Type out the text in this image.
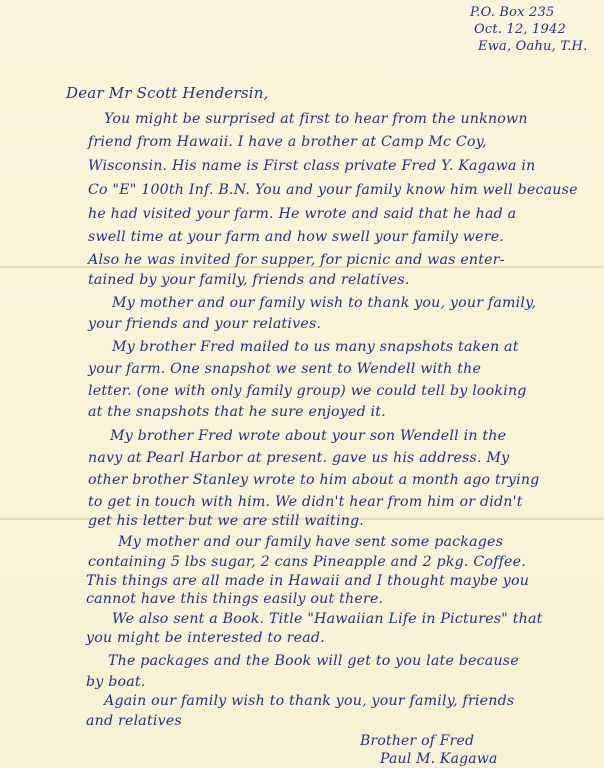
P.O. Box 235
Oct. 12, 1942
Ewa, Oahu, T.H.
Dear Mr Scott Hendersin,
You might be surprised at first to hear from the unknown
friend from Hawaii. I have a brother at Camp Mc Coy,
Wisconsin. His name is First class private Fred Y. Kagawa in
Co "E" 100th Inf. B.N. You and your family know him well because
he had visited your farm. He wrote and said that he had a
swell time at your farm and how swell your family were.
Also he was invited for supper, for picnic and was enter-
tained by your family, friends and relatives.
My mother and our family wish to thank you, your family,
your friends and your relatives.
My brother Fred mailed to us many snapshots taken at
your farm. One snapshot we sent to Wendell with the
letter. (one with only family group) we could tell by looking
at the snapshots that he sure enjoyed it.
My brother Fred wrote about your son Wendell in the
navy at Pearl Harbor at present. gave us his address. My
other brother Stanley wrote to him about a month ago trying
to get in touch with him. We didn't hear from him or didn't
get his letter but we are still waiting.
My mother and our family have sent some packages
containing 5 lbs sugar, 2 cans Pineapple and 2 pkg. Coffee.
This things are all made in Hawaii and I thought maybe you
cannot have this things easily out there.
We also sent a Book. Title "Hawaiian Life in Pictures" that
you might be interested to read.
The packages and the Book will get to you late because
by boat.
Again our family wish to thank you, your family, friends
and relatives
Brother of Fred
Paul M. Kagawa
